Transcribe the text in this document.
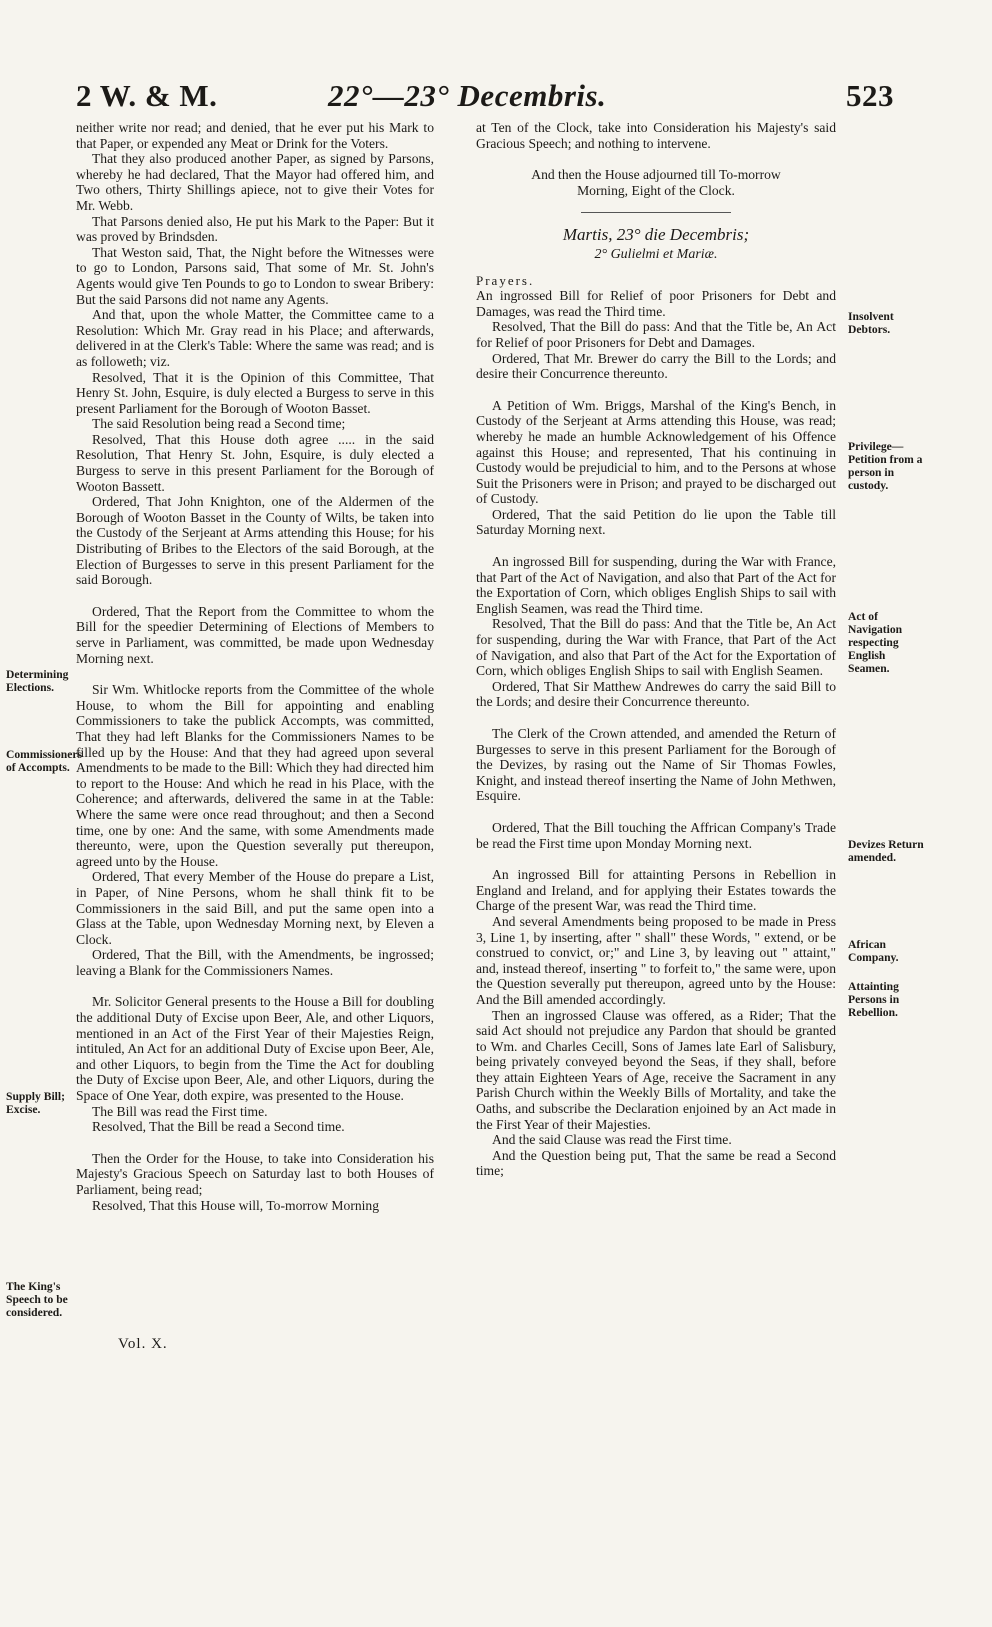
2 W. & M.	22°—23° Decembris.	523

neither write nor read; and denied, that he ever put his Mark to that Paper, or expended any Meat or Drink for the Voters.

That they also produced another Paper, as signed by Parsons, whereby he had declared, That the Mayor had offered him, and Two others, Thirty Shillings apiece, not to give their Votes for Mr. Webb.

That Parsons denied also, He put his Mark to the Paper: But it was proved by Brindsden.

That Weston said, That, the Night before the Witnesses were to go to London, Parsons said, That some of Mr. St. John's Agents would give Ten Pounds to go to London to swear Bribery: But the said Parsons did not name any Agents.

And that, upon the whole Matter, the Committee came to a Resolution: Which Mr. Gray read in his Place; and afterwards, delivered in at the Clerk's Table: Where the same was read; and is as followeth; viz.

Resolved, That it is the Opinion of this Committee, That Henry St. John, Esquire, is duly elected a Burgess to serve in this present Parliament for the Borough of Wooton Basset.

The said Resolution being read a Second time;

Resolved, That this House doth agree ..... in the said Resolution, That Henry St. John, Esquire, is duly elected a Burgess to serve in this present Parliament for the Borough of Wooton Bassett.

Ordered, That John Knighton, one of the Aldermen of the Borough of Wooton Basset in the County of Wilts, be taken into the Custody of the Serjeant at Arms attending this House; for his Distributing of Bribes to the Electors of the said Borough, at the Election of Burgesses to serve in this present Parliament for the said Borough.

Ordered, That the Report from the Committee to whom the Bill for the speedier Determining of Elections of Members to serve in Parliament, was committed, be made upon Wednesday Morning next.

Sir Wm. Whitlocke reports from the Committee of the whole House, to whom the Bill for appointing and enabling Commissioners to take the publick Accompts, was committed, That they had left Blanks for the Commissioners Names to be filled up by the House: And that they had agreed upon several Amendments to be made to the Bill: Which they had directed him to report to the House: And which he read in his Place, with the Coherence; and afterwards, delivered the same in at the Table: Where the same were once read throughout; and then a Second time, one by one: And the same, with some Amendments made thereunto, were, upon the Question severally put thereupon, agreed unto by the House.

Ordered, That every Member of the House do prepare a List, in Paper, of Nine Persons, whom he shall think fit to be Commissioners in the said Bill, and put the same open into a Glass at the Table, upon Wednesday Morning next, by Eleven a Clock.

Ordered, That the Bill, with the Amendments, be ingrossed; leaving a Blank for the Commissioners Names.

Mr. Solicitor General presents to the House a Bill for doubling the additional Duty of Excise upon Beer, Ale, and other Liquors, mentioned in an Act of the First Year of their Majesties Reign, intituled, An Act for an additional Duty of Excise upon Beer, Ale, and other Liquors, to begin from the Time the Act for doubling the Duty of Excise upon Beer, Ale, and other Liquors, during the Space of One Year, doth expire, was presented to the House.

The Bill was read the First time.

Resolved, That the Bill be read a Second time.

Then the Order for the House, to take into Consideration his Majesty's Gracious Speech on Saturday last to both Houses of Parliament, being read;

Resolved, That this House will, To-morrow Morning

Determining Elections.
Commissioners of Accompts.
Supply Bill; Excise.
The King's Speech to be considered.

at Ten of the Clock, take into Consideration his Majesty's said Gracious Speech; and nothing to intervene.

And then the House adjourned till To-morrow Morning, Eight of the Clock.

Martis, 23° die Decembris;
2° Gulielmi et Mariæ.

Prayers.

An ingrossed Bill for Relief of poor Prisoners for Debt and Damages, was read the Third time.

Resolved, That the Bill do pass: And that the Title be, An Act for Relief of poor Prisoners for Debt and Damages.

Ordered, That Mr. Brewer do carry the Bill to the Lords; and desire their Concurrence thereunto.

A Petition of Wm. Briggs, Marshal of the King's Bench, in Custody of the Serjeant at Arms attending this House, was read; whereby he made an humble Acknowledgement of his Offence against this House; and represented, That his continuing in Custody would be prejudicial to him, and to the Persons at whose Suit the Prisoners were in Prison; and prayed to be discharged out of Custody.

Ordered, That the said Petition do lie upon the Table till Saturday Morning next.

An ingrossed Bill for suspending, during the War with France, that Part of the Act of Navigation, and also that Part of the Act for the Exportation of Corn, which obliges English Ships to sail with English Seamen, was read the Third time.

Resolved, That the Bill do pass: And that the Title be, An Act for suspending, during the War with France, that Part of the Act of Navigation, and also that Part of the Act for the Exportation of Corn, which obliges English Ships to sail with English Seamen.

Ordered, That Sir Matthew Andrewes do carry the said Bill to the Lords; and desire their Concurrence thereunto.

The Clerk of the Crown attended, and amended the Return of Burgesses to serve in this present Parliament for the Borough of the Devizes, by rasing out the Name of Sir Thomas Fowles, Knight, and instead thereof inserting the Name of John Methwen, Esquire.

Ordered, That the Bill touching the Affrican Company's Trade be read the First time upon Monday Morning next.

An ingrossed Bill for attainting Persons in Rebellion in England and Ireland, and for applying their Estates towards the Charge of the present War, was read the Third time.

And several Amendments being proposed to be made in Press 3, Line 1, by inserting, after " shall" these Words, " extend, or be construed to convict, or;" and Line 3, by leaving out " attaint," and, instead thereof, inserting " to forfeit to," the same were, upon the Question severally put thereupon, agreed unto by the House: And the Bill amended accordingly.

Then an ingrossed Clause was offered, as a Rider; That the said Act should not prejudice any Pardon that should be granted to Wm. and Charles Cecill, Sons of James late Earl of Salisbury, being privately conveyed beyond the Seas, if they shall, before they attain Eighteen Years of Age, receive the Sacrament in any Parish Church within the Weekly Bills of Mortality, and take the Oaths, and subscribe the Declaration enjoined by an Act made in the First Year of their Majesties.

And the said Clause was read the First time.

And the Question being put, That the same be read a Second time;

Insolvent Debtors.
Privilege—Petition from a person in custody.
Act of Navigation respecting English Seamen.
Devizes Return amended.
African Company.
Attainting Persons in Rebellion.
Vol. X.
